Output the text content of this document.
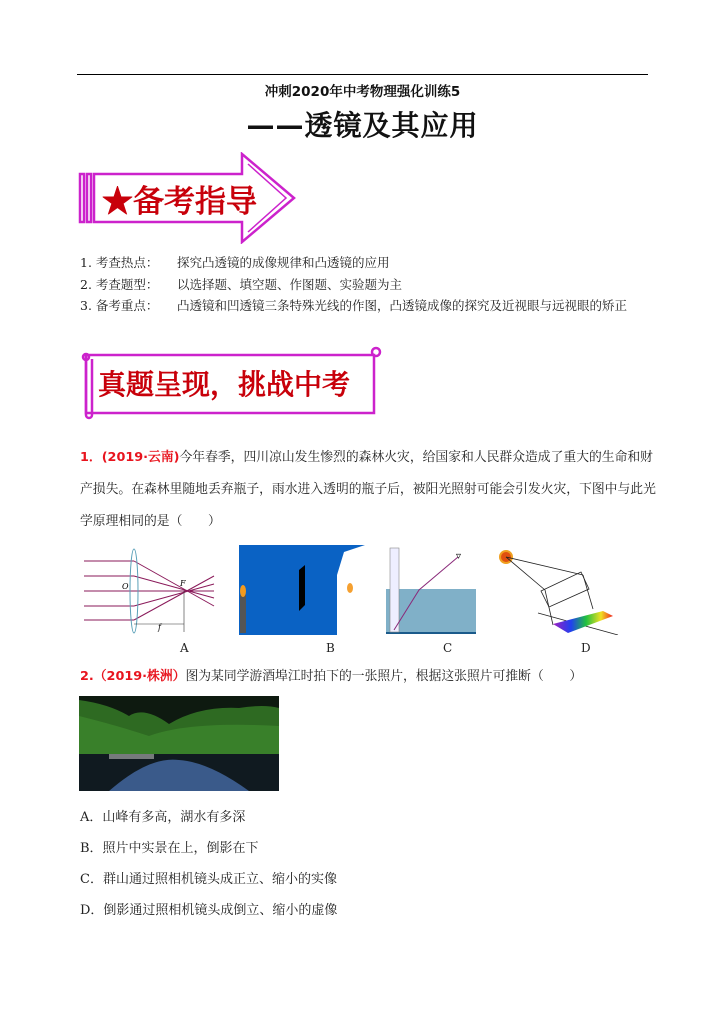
冲刺2020年中考物理强化训练5
——透镜及其应用
★备考指导
1. 考查热点： 探究凸透镜的成像规律和凸透镜的应用
2. 考查题型： 以选择题、填空题、作图题、实验题为主
3. 备考重点： 凸透镜和凹透镜三条特殊光线的作图，凸透镜成像的探究及近视眼与远视眼的矫正
真题呈现，挑战中考
1．(2019·云南)今年春季，四川凉山发生惨烈的森林火灾，给国家和人民群众造成了重大的生命和财产损失。在森林里随地丢弃瓶子，雨水进入透明的瓶子后，被阳光照射可能会引发火灾，下图中与此光学原理相同的是（　　）
O	F
f
▿
A	B	C	D
2.（2019·株洲）图为某同学游酒埠江时拍下的一张照片，根据这张照片可推断（　　）
A．山峰有多高，湖水有多深
B．照片中实景在上，倒影在下
C．群山通过照相机镜头成正立、缩小的实像
D．倒影通过照相机镜头成倒立、缩小的虚像
